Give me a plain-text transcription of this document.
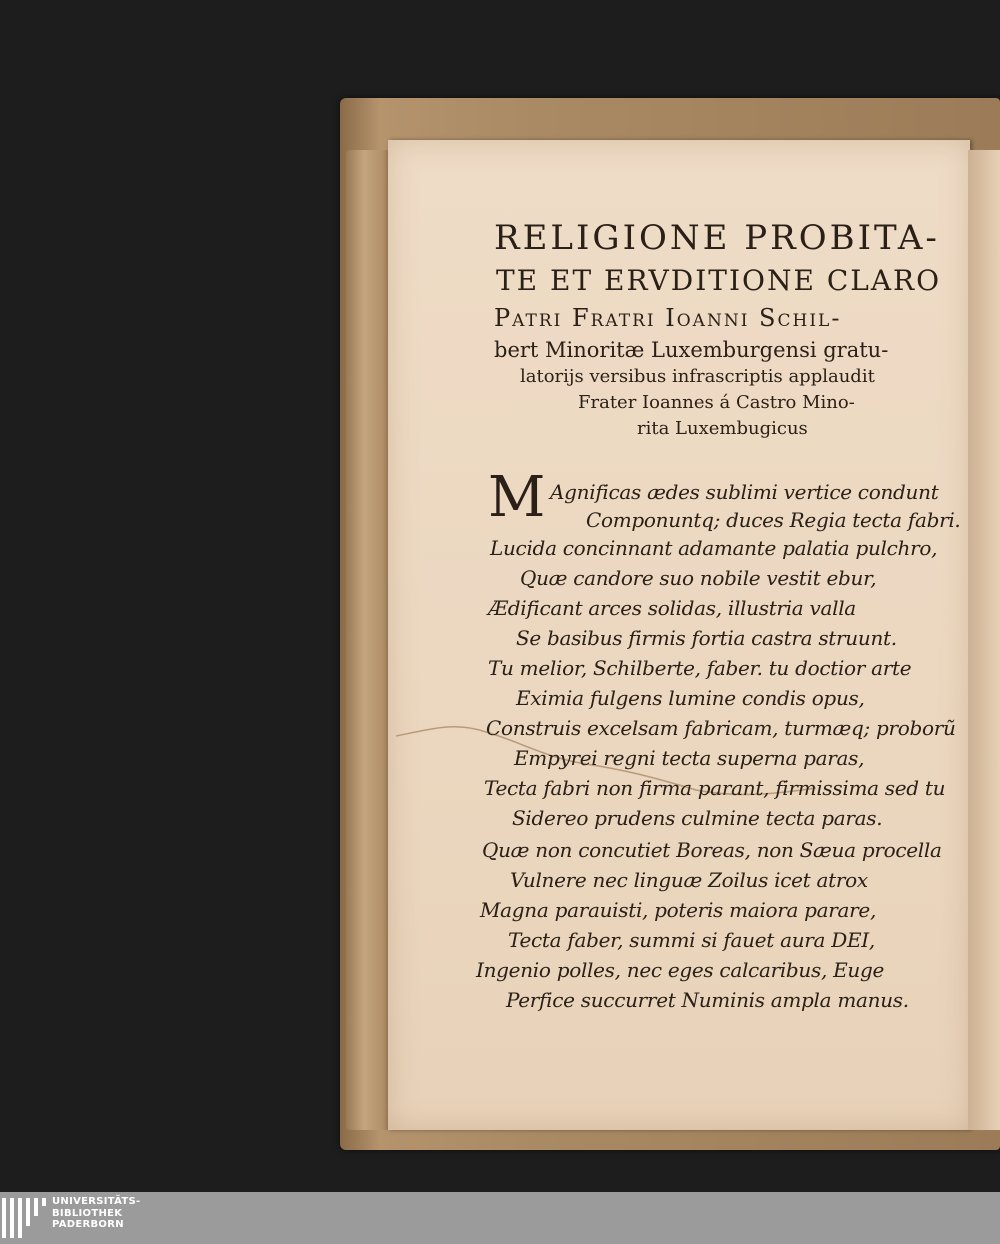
RELIGIONE PROBITA-
TE ET ERVDITIONE CLARO
Patri Fratri Ioanni Schil-
bert Minoritæ Luxemburgensi gratu-
latorijs versibus infrascriptis applaudit
Frater Ioannes á Castro Mino-
rita Luxembugicus
M Agnificas ædes sublimi vertice condunt
Componuntq; duces Regia tecta fabri.
Lucida concinnant adamante palatia pulchro,
Quæ candore suo nobile vestit ebur,
Ædificant arces solidas, illustria valla
Se basibus firmis fortia castra struunt.
Tu melior, Schilberte, faber. tu doctior arte
Eximia fulgens lumine condis opus,
Construis excelsam fabricam, turmæq; proborũ
Empyrei regni tecta superna paras,
Tecta fabri non firma parant, firmissima sed tu
Sidereo prudens culmine tecta paras.
Quæ non concutiet Boreas, non Sæua procella
Vulnere nec linguæ Zoilus icet atrox
Magna parauisti, poteris maiora parare,
Tecta faber, summi si fauet aura DEI,
Ingenio polles, nec eges calcaribus, Euge
Perfice succurret Numinis ampla manus.
UNIVERSITÄTS-
BIBLIOTHEK
PADERBORN
